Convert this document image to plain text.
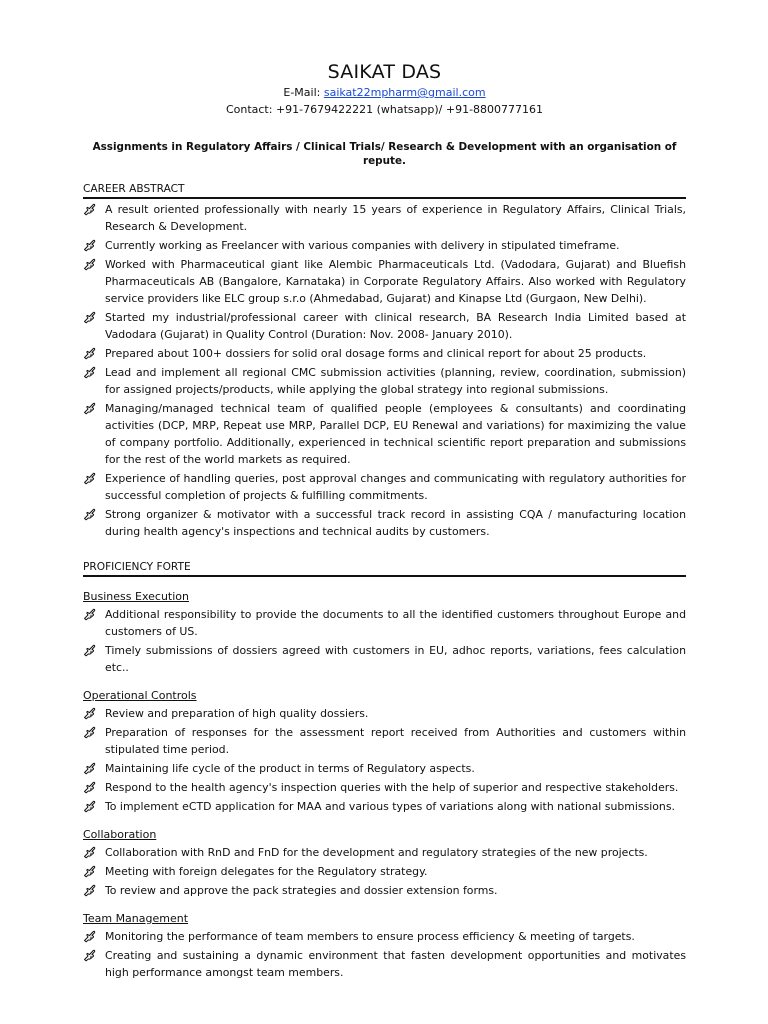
SAIKAT DAS
E-Mail: saikat22mpharm@gmail.com
Contact: +91-7679422221 (whatsapp)/ +91-8800777161
Assignments in Regulatory Affairs / Clinical Trials/ Research & Development with an organisation of repute.
CAREER ABSTRACT
A result oriented professionally with nearly 15 years of experience in Regulatory Affairs, Clinical Trials, Research & Development.
Currently working as Freelancer with various companies with delivery in stipulated timeframe.
Worked with Pharmaceutical giant like Alembic Pharmaceuticals Ltd. (Vadodara, Gujarat) and Bluefish Pharmaceuticals AB (Bangalore, Karnataka) in Corporate Regulatory Affairs. Also worked with Regulatory service providers like ELC group s.r.o (Ahmedabad, Gujarat) and Kinapse Ltd (Gurgaon, New Delhi).
Started my industrial/professional career with clinical research, BA Research India Limited based at Vadodara (Gujarat) in Quality Control (Duration: Nov. 2008- January 2010).
Prepared about 100+ dossiers for solid oral dosage forms and clinical report for about 25 products.
Lead and implement all regional CMC submission activities (planning, review, coordination, submission) for assigned projects/products, while applying the global strategy into regional submissions.
Managing/managed technical team of qualified people (employees & consultants) and coordinating activities (DCP, MRP, Repeat use MRP, Parallel DCP, EU Renewal and variations) for maximizing the value of company portfolio. Additionally, experienced in technical scientific report preparation and submissions for the rest of the world markets as required.
Experience of handling queries, post approval changes and communicating with regulatory authorities for successful completion of projects & fulfilling commitments.
Strong organizer & motivator with a successful track record in assisting CQA / manufacturing location during health agency's inspections and technical audits by customers.
PROFICIENCY FORTE
Business Execution
Additional responsibility to provide the documents to all the identified customers throughout Europe and customers of US.
Timely submissions of dossiers agreed with customers in EU, adhoc reports, variations, fees calculation etc..
Operational Controls
Review and preparation of high quality dossiers.
Preparation of responses for the assessment report received from Authorities and customers within stipulated time period.
Maintaining life cycle of the product in terms of Regulatory aspects.
Respond to the health agency's inspection queries with the help of superior and respective stakeholders.
To implement eCTD application for MAA and various types of variations along with national submissions.
Collaboration
Collaboration with RnD and FnD for the development and regulatory strategies of the new projects.
Meeting with foreign delegates for the Regulatory strategy.
To review and approve the pack strategies and dossier extension forms.
Team Management
Monitoring the performance of team members to ensure process efficiency & meeting of targets.
Creating and sustaining a dynamic environment that fasten development opportunities and motivates high performance amongst team members.
